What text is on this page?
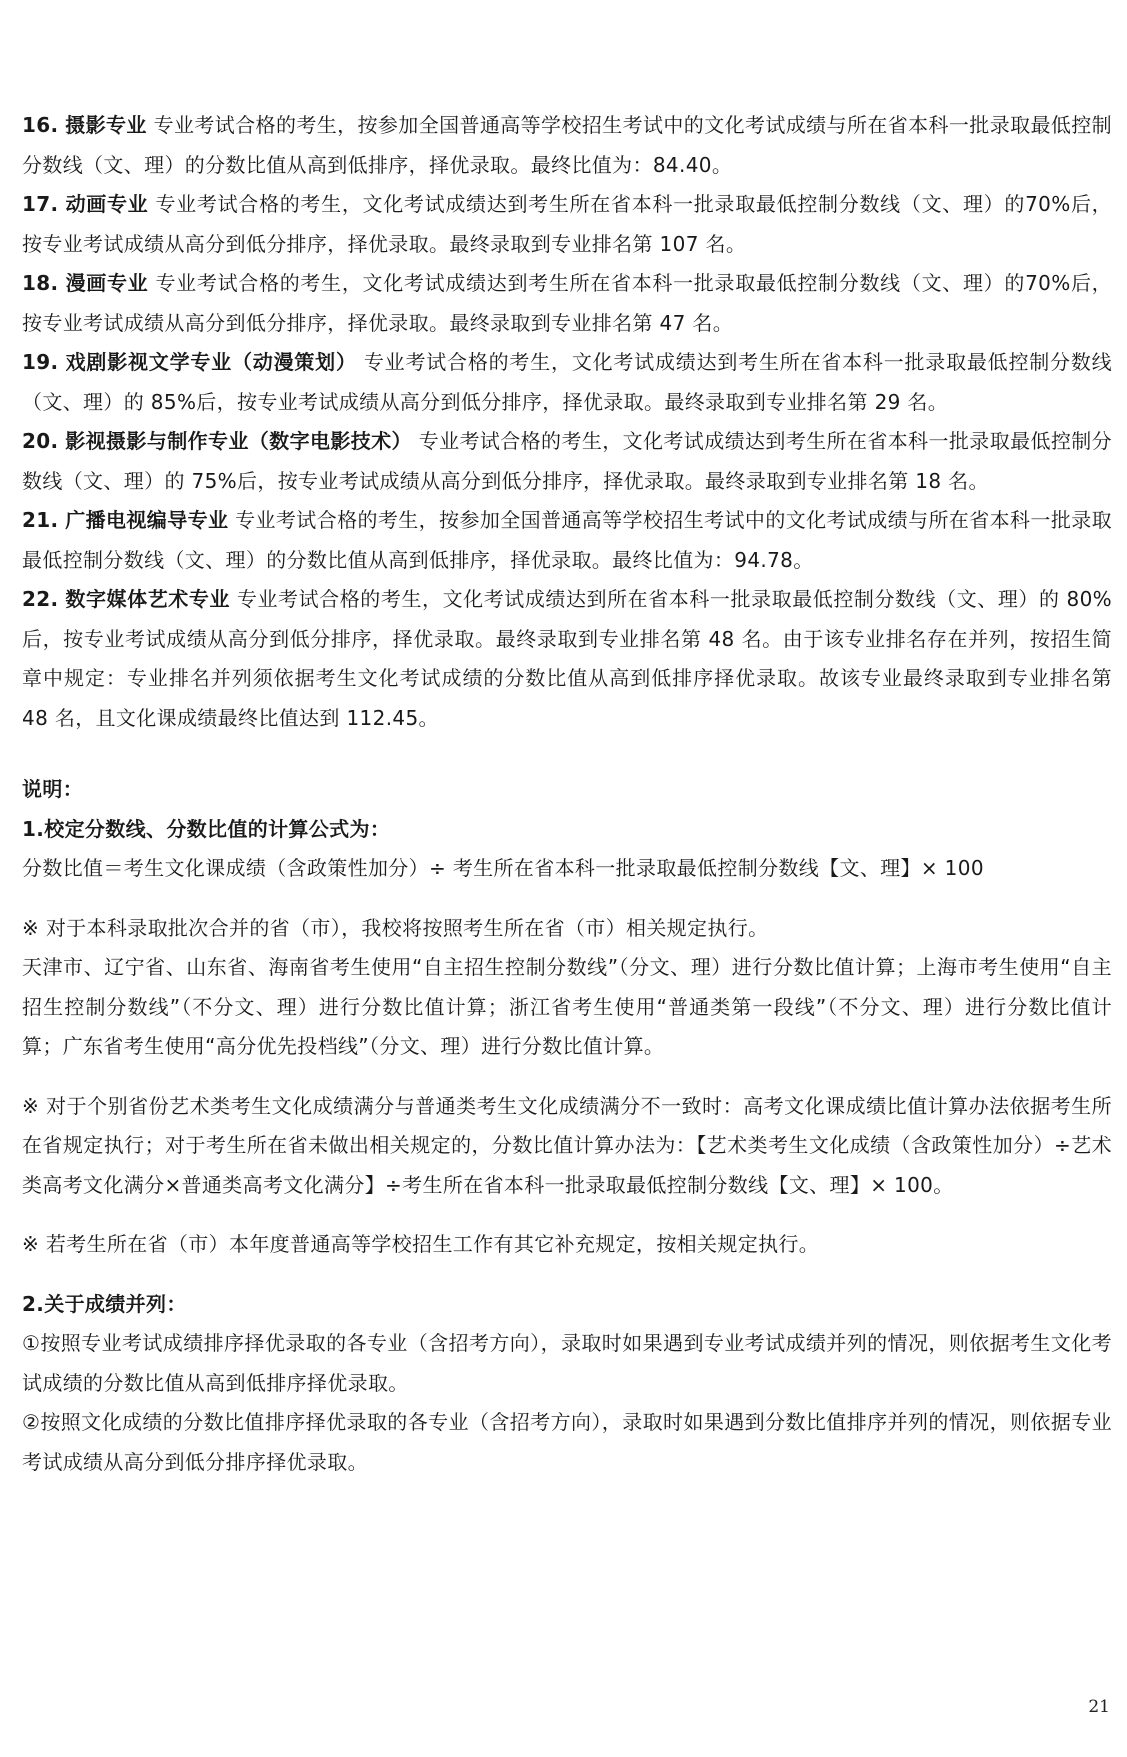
16. 摄影专业 专业考试合格的考生，按参加全国普通高等学校招生考试中的文化考试成绩与所在省本科一批录取最低控制分数线（文、理）的分数比值从高到低排序，择优录取。最终比值为：84.40。

17. 动画专业 专业考试合格的考生，文化考试成绩达到考生所在省本科一批录取最低控制分数线（文、理）的70%后，按专业考试成绩从高分到低分排序，择优录取。最终录取到专业排名第 107 名。

18. 漫画专业 专业考试合格的考生，文化考试成绩达到考生所在省本科一批录取最低控制分数线（文、理）的70%后，按专业考试成绩从高分到低分排序，择优录取。最终录取到专业排名第 47 名。

19. 戏剧影视文学专业（动漫策划） 专业考试合格的考生，文化考试成绩达到考生所在省本科一批录取最低控制分数线（文、理）的 85%后，按专业考试成绩从高分到低分排序，择优录取。最终录取到专业排名第 29 名。

20. 影视摄影与制作专业（数字电影技术） 专业考试合格的考生，文化考试成绩达到考生所在省本科一批录取最低控制分数线（文、理）的 75%后，按专业考试成绩从高分到低分排序，择优录取。最终录取到专业排名第 18 名。

21. 广播电视编导专业 专业考试合格的考生，按参加全国普通高等学校招生考试中的文化考试成绩与所在省本科一批录取最低控制分数线（文、理）的分数比值从高到低排序，择优录取。最终比值为：94.78。

22. 数字媒体艺术专业 专业考试合格的考生，文化考试成绩达到所在省本科一批录取最低控制分数线（文、理）的 80%后，按专业考试成绩从高分到低分排序，择优录取。最终录取到专业排名第 48 名。由于该专业排名存在并列，按招生简章中规定：专业排名并列须依据考生文化考试成绩的分数比值从高到低排序择优录取。故该专业最终录取到专业排名第 48 名，且文化课成绩最终比值达到 112.45。

说明：

1.校定分数线、分数比值的计算公式为：

分数比值＝考生文化课成绩（含政策性加分）÷ 考生所在省本科一批录取最低控制分数线【文、理】× 100

※ 对于本科录取批次合并的省（市），我校将按照考生所在省（市）相关规定执行。

天津市、辽宁省、山东省、海南省考生使用“自主招生控制分数线”（分文、理）进行分数比值计算；上海市考生使用“自主招生控制分数线”（不分文、理）进行分数比值计算；浙江省考生使用“普通类第一段线”（不分文、理）进行分数比值计算；广东省考生使用“高分优先投档线”（分文、理）进行分数比值计算。

※ 对于个别省份艺术类考生文化成绩满分与普通类考生文化成绩满分不一致时：高考文化课成绩比值计算办法依据考生所在省规定执行；对于考生所在省未做出相关规定的，分数比值计算办法为：【艺术类考生文化成绩（含政策性加分）÷艺术类高考文化满分×普通类高考文化满分】÷考生所在省本科一批录取最低控制分数线【文、理】× 100。

※ 若考生所在省（市）本年度普通高等学校招生工作有其它补充规定，按相关规定执行。

2.关于成绩并列：

①按照专业考试成绩排序择优录取的各专业（含招考方向），录取时如果遇到专业考试成绩并列的情况，则依据考生文化考试成绩的分数比值从高到低排序择优录取。

②按照文化成绩的分数比值排序择优录取的各专业（含招考方向），录取时如果遇到分数比值排序并列的情况，则依据专业考试成绩从高分到低分排序择优录取。

21
